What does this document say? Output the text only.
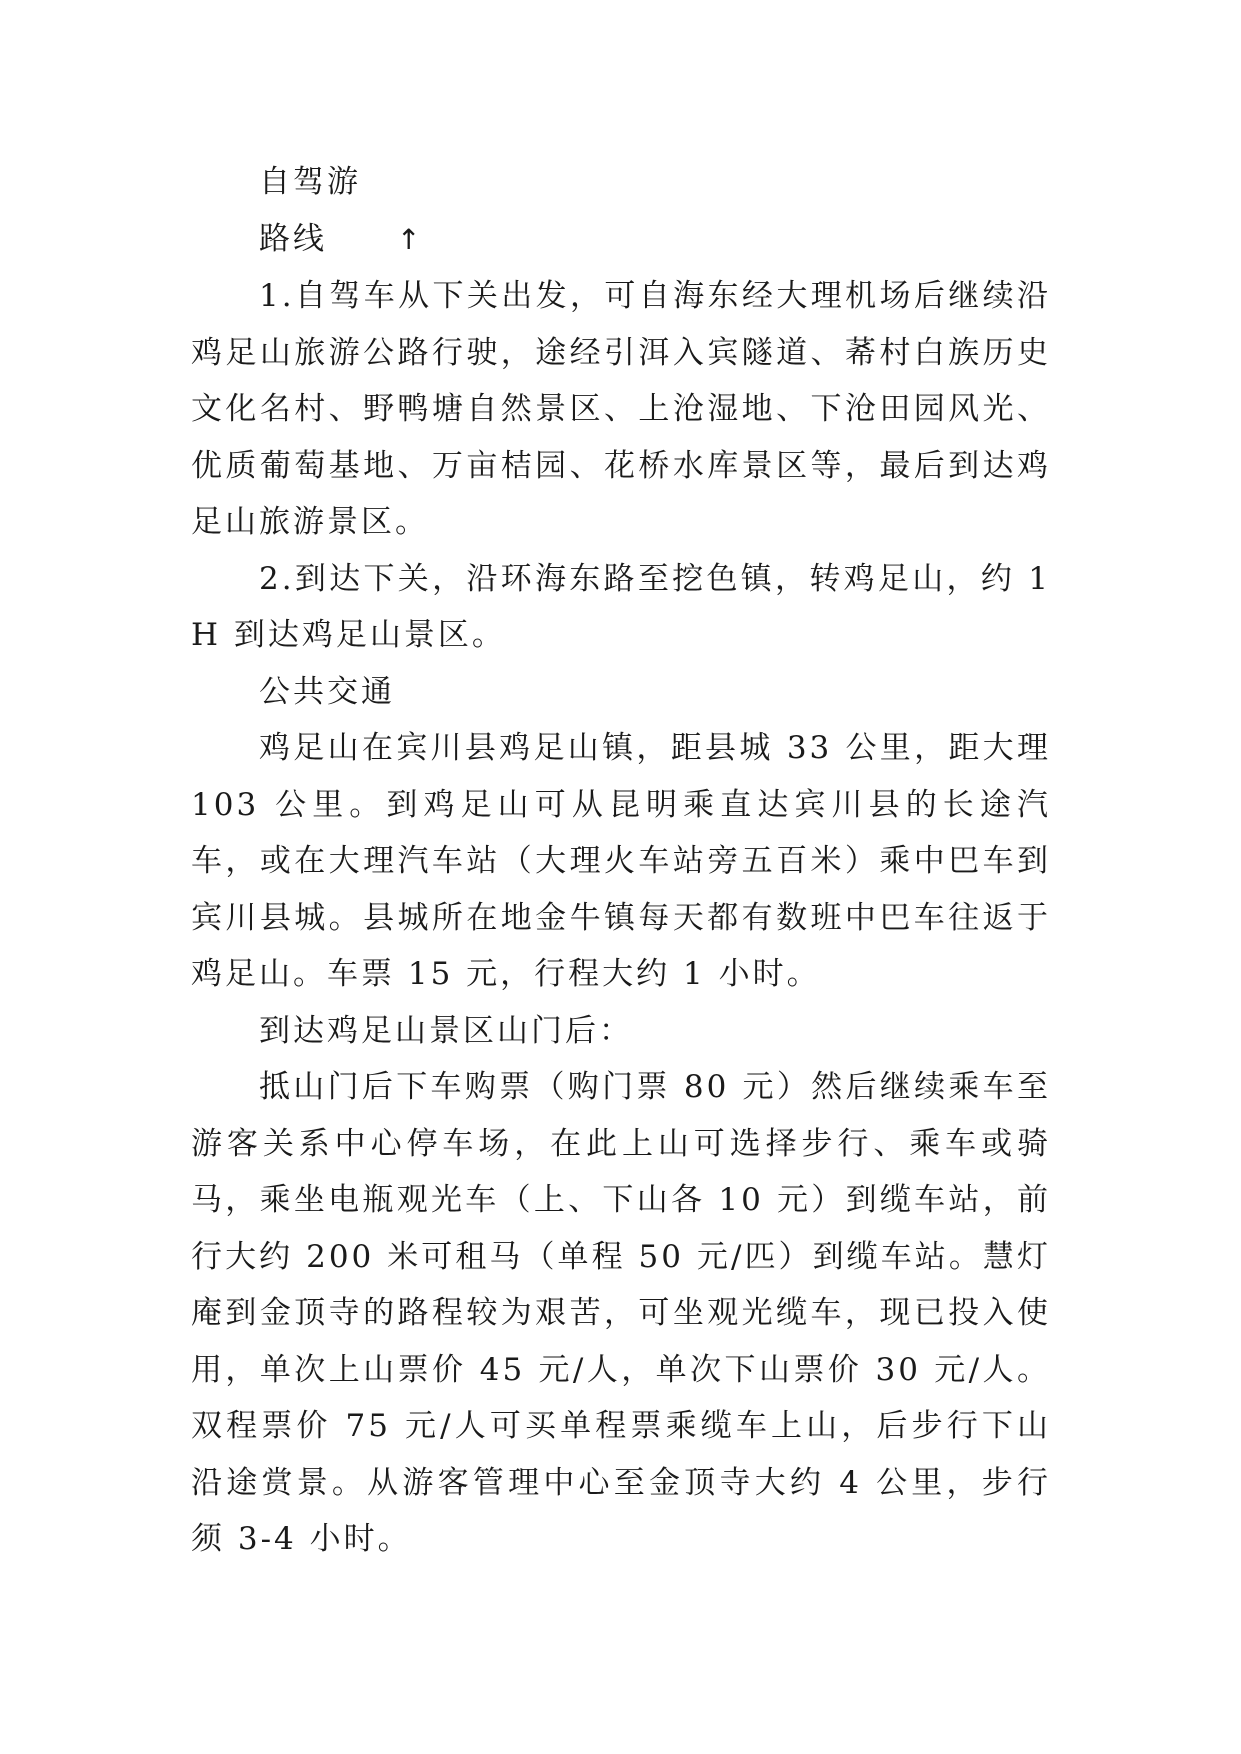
自驾游

路线	↑

1.自驾车从下关出发，可自海东经大理机场后继续沿鸡足山旅游公路行驶，途经引洱入宾隧道、莃村白族历史文化名村、野鸭塘自然景区、上沧湿地、下沧田园风光、优质葡萄基地、万亩桔园、花桥水库景区等，最后到达鸡足山旅游景区。

2.到达下关，沿环海东路至挖色镇，转鸡足山，约 1H 到达鸡足山景区。

公共交通

鸡足山在宾川县鸡足山镇，距县城 33 公里，距大理 103 公里。到鸡足山可从昆明乘直达宾川县的长途汽车，或在大理汽车站（大理火车站旁五百米）乘中巴车到宾川县城。县城所在地金牛镇每天都有数班中巴车往返于鸡足山。车票 15 元，行程大约 1 小时。

到达鸡足山景区山门后：

抵山门后下车购票（购门票 80 元）然后继续乘车至游客关系中心停车场，在此上山可选择步行、乘车或骑马，乘坐电瓶观光车（上、下山各 10 元）到缆车站，前行大约 200 米可租马（单程 50 元/匹）到缆车站。慧灯庵到金顶寺的路程较为艰苦，可坐观光缆车，现已投入使用，单次上山票价 45 元/人，单次下山票价 30 元/人。双程票价 75 元/人可买单程票乘缆车上山，后步行下山沿途赏景。从游客管理中心至金顶寺大约 4 公里，步行须 3-4 小时。
